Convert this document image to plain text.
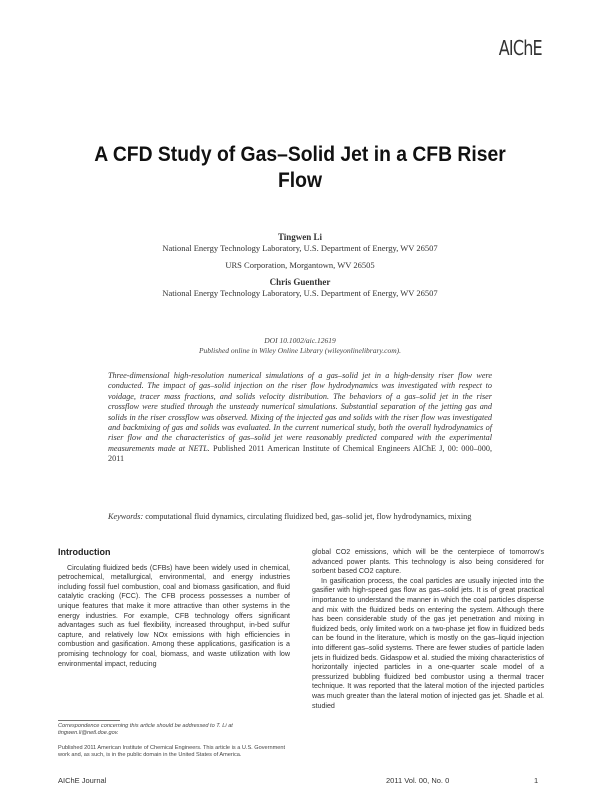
AIChE
A CFD Study of Gas–Solid Jet in a CFB Riser Flow
Tingwen Li
National Energy Technology Laboratory, U.S. Department of Energy, WV 26507
URS Corporation, Morgantown, WV 26505
Chris Guenther
National Energy Technology Laboratory, U.S. Department of Energy, WV 26507
DOI 10.1002/aic.12619
Published online in Wiley Online Library (wileyonlinelibrary.com).
Three-dimensional high-resolution numerical simulations of a gas–solid jet in a high-density riser flow were conducted. The impact of gas–solid injection on the riser flow hydrodynamics was investigated with respect to voidage, tracer mass fractions, and solids velocity distribution. The behaviors of a gas–solid jet in the riser crossflow were studied through the unsteady numerical simulations. Substantial separation of the jetting gas and solids in the riser crossflow was observed. Mixing of the injected gas and solids with the riser flow was investigated and backmixing of gas and solids was evaluated. In the current numerical study, both the overall hydrodynamics of riser flow and the characteristics of gas–solid jet were reasonably predicted compared with the experimental measurements made at NETL. Published 2011 American Institute of Chemical Engineers AIChE J, 00: 000–000, 2011
Keywords: computational fluid dynamics, circulating fluidized bed, gas–solid jet, flow hydrodynamics, mixing
Introduction

Circulating fluidized beds (CFBs) have been widely used in chemical, petrochemical, metallurgical, environmental, and energy industries including fossil fuel combustion, coal and biomass gasification, and fluid catalytic cracking (FCC). The CFB process possesses a number of unique features that make it more attractive than other systems in the energy industries. For example, CFB technology offers significant advantages such as fuel flexibility, increased throughput, in-bed sulfur capture, and relatively low NOx emissions with high efficiencies in combustion and gasification. Among these applications, gasification is a promising technology for coal, biomass, and waste utilization with low environmental impact, reducing

global CO2 emissions, which will be the centerpiece of tomorrow's advanced power plants. This technology is also being considered for sorbent based CO2 capture.

In gasification process, the coal particles are usually injected into the gasifier with high-speed gas flow as gas–solid jets. It is of great practical importance to understand the manner in which the coal particles disperse and mix with the fluidized beds on entering the system. Although there has been considerable study of the gas jet penetration and mixing in fluidized beds, only limited work on a two-phase jet flow in fluidized beds can be found in the literature, which is mostly on the gas–liquid injection into different gas–solid systems. There are fewer studies of particle laden jets in fluidized beds. Gidaspow et al. studied the mixing characteristics of horizontally injected particles in a one-quarter scale model of a pressurized bubbling fluidized bed combustor using a thermal tracer technique. It was reported that the lateral motion of the injected particles was much greater than the lateral motion of injected gas jet. Shadle et al. studied

Correspondence concerning this article should be addressed to T. Li at tingwen.li@netl.doe.gov.
Published 2011 American Institute of Chemical Engineers. This article is a U.S. Government work and, as such, is in the public domain in the United States of America.
AIChE Journal	2011 Vol. 00, No. 0	1
